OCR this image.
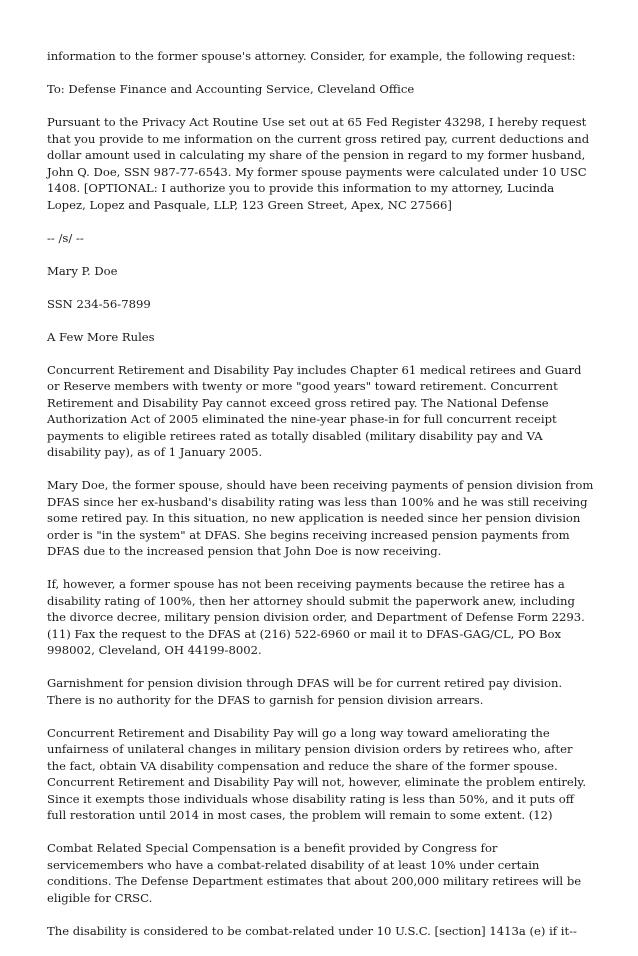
information to the former spouse's attorney. Consider, for example, the following request:

To: Defense Finance and Accounting Service, Cleveland Office

Pursuant to the Privacy Act Routine Use set out at 65 Fed Register 43298, I hereby request that you provide to me information on the current gross retired pay, current deductions and dollar amount used in calculating my share of the pension in regard to my former husband, John Q. Doe, SSN 987-77-6543. My former spouse payments were calculated under 10 USC 1408. [OPTIONAL: I authorize you to provide this information to my attorney, Lucinda Lopez, Lopez and Pasquale, LLP, 123 Green Street, Apex, NC 27566]

-- /s/ --

Mary P. Doe

SSN 234-56-7899

A Few More Rules

Concurrent Retirement and Disability Pay includes Chapter 61 medical retirees and Guard or Reserve members with twenty or more "good years" toward retirement. Concurrent Retirement and Disability Pay cannot exceed gross retired pay. The National Defense Authorization Act of 2005 eliminated the nine-year phase-in for full concurrent receipt payments to eligible retirees rated as totally disabled (military disability pay and VA disability pay), as of 1 January 2005.

Mary Doe, the former spouse, should have been receiving payments of pension division from DFAS since her ex-husband's disability rating was less than 100% and he was still receiving some retired pay. In this situation, no new application is needed since her pension division order is "in the system" at DFAS. She begins receiving increased pension payments from DFAS due to the increased pension that John Doe is now receiving.

If, however, a former spouse has not been receiving payments because the retiree has a disability rating of 100%, then her attorney should submit the paperwork anew, including the divorce decree, military pension division order, and Department of Defense Form 2293. (11) Fax the request to the DFAS at (216) 522-6960 or mail it to DFAS-GAG/CL, PO Box 998002, Cleveland, OH 44199-8002.

Garnishment for pension division through DFAS will be for current retired pay division. There is no authority for the DFAS to garnish for pension division arrears.

Concurrent Retirement and Disability Pay will go a long way toward ameliorating the unfairness of unilateral changes in military pension division orders by retirees who, after the fact, obtain VA disability compensation and reduce the share of the former spouse. Concurrent Retirement and Disability Pay will not, however, eliminate the problem entirely. Since it exempts those individuals whose disability rating is less than 50%, and it puts off full restoration until 2014 in most cases, the problem will remain to some extent. (12)

Combat Related Special Compensation is a benefit provided by Congress for servicemembers who have a combat-related disability of at least 10% under certain conditions. The Defense Department estimates that about 200,000 military retirees will be eligible for CRSC.

The disability is considered to be combat-related under 10 U.S.C. [section] 1413a (e) if it--
